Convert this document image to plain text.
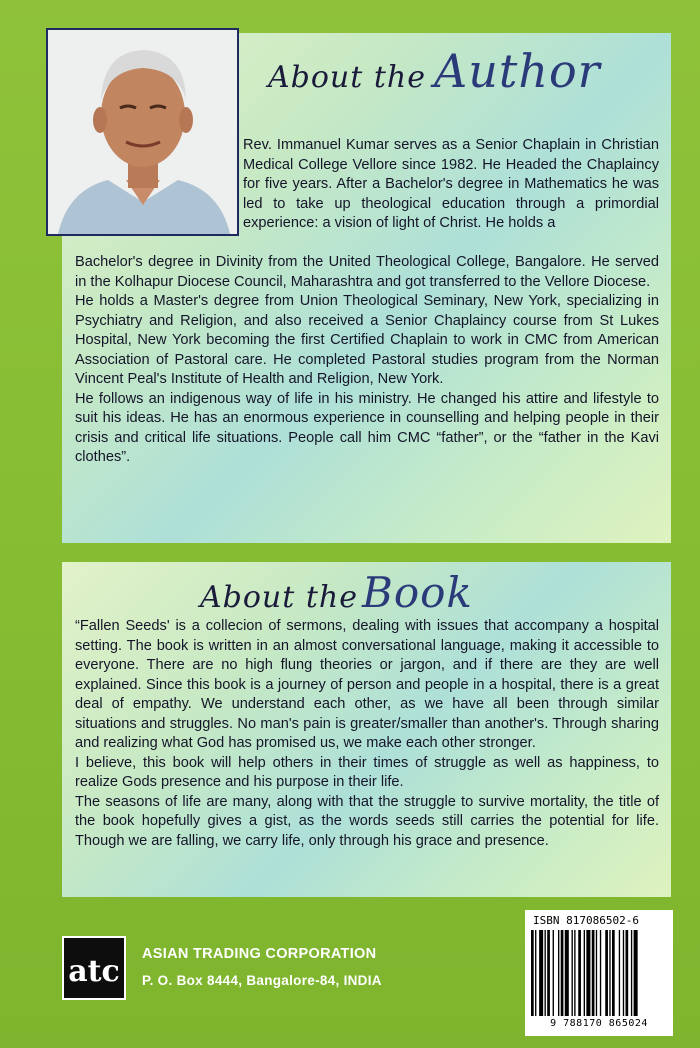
About the Author

Rev. Immanuel Kumar serves as a Senior Chaplain in Christian Medical College Vellore since 1982. He Headed the Chaplaincy for five years. After a Bachelor's degree in Mathematics he was led to take up theological education through a primordial experience: a vision of light of Christ. He holds a

Bachelor's degree in Divinity from the United Theological College, Bangalore. He served in the Kolhapur Diocese Council, Maharashtra and got transferred to the Vellore Diocese.

He holds a Master's degree from Union Theological Seminary, New York, specializing in Psychiatry and Religion, and also received a Senior Chaplaincy course from St Lukes Hospital, New York becoming the first Certified Chaplain to work in CMC from American Association of Pastoral care. He completed Pastoral studies program from the Norman Vincent Peal's Institute of Health and Religion, New York.

He follows an indigenous way of life in his ministry. He changed his attire and lifestyle to suit his ideas. He has an enormous experience in counselling and helping people in their crisis and critical life situations. People call him CMC “father”, or the “father in the Kavi clothes”.

About theBook

“Fallen Seeds' is a collecion of sermons, dealing with issues that accompany a hospital setting. The book is written in an almost conversational language, making it accessible to everyone. There are no high flung theories or jargon, and if there are they are well explained. Since this book is a journey of person and people in a hospital, there is a great deal of empathy. We understand each other, as we have all been through similar situations and struggles. No man's pain is greater/smaller than another's. Through sharing and realizing what God has promised us, we make each other stronger.

I believe, this book will help others in their times of struggle as well as happiness, to realize Gods presence and his purpose in their life.

The seasons of life are many, along with that the struggle to survive mortality, the title of the book hopefully gives a gist, as the words seeds still carries the potential for life. Though we are falling, we carry life, only through his grace and presence.

atc ASIAN TRADING CORPORATION
P. O. Box 8444, Bangalore-84, INDIA
ISBN 817086502-6
9 788170 865024
